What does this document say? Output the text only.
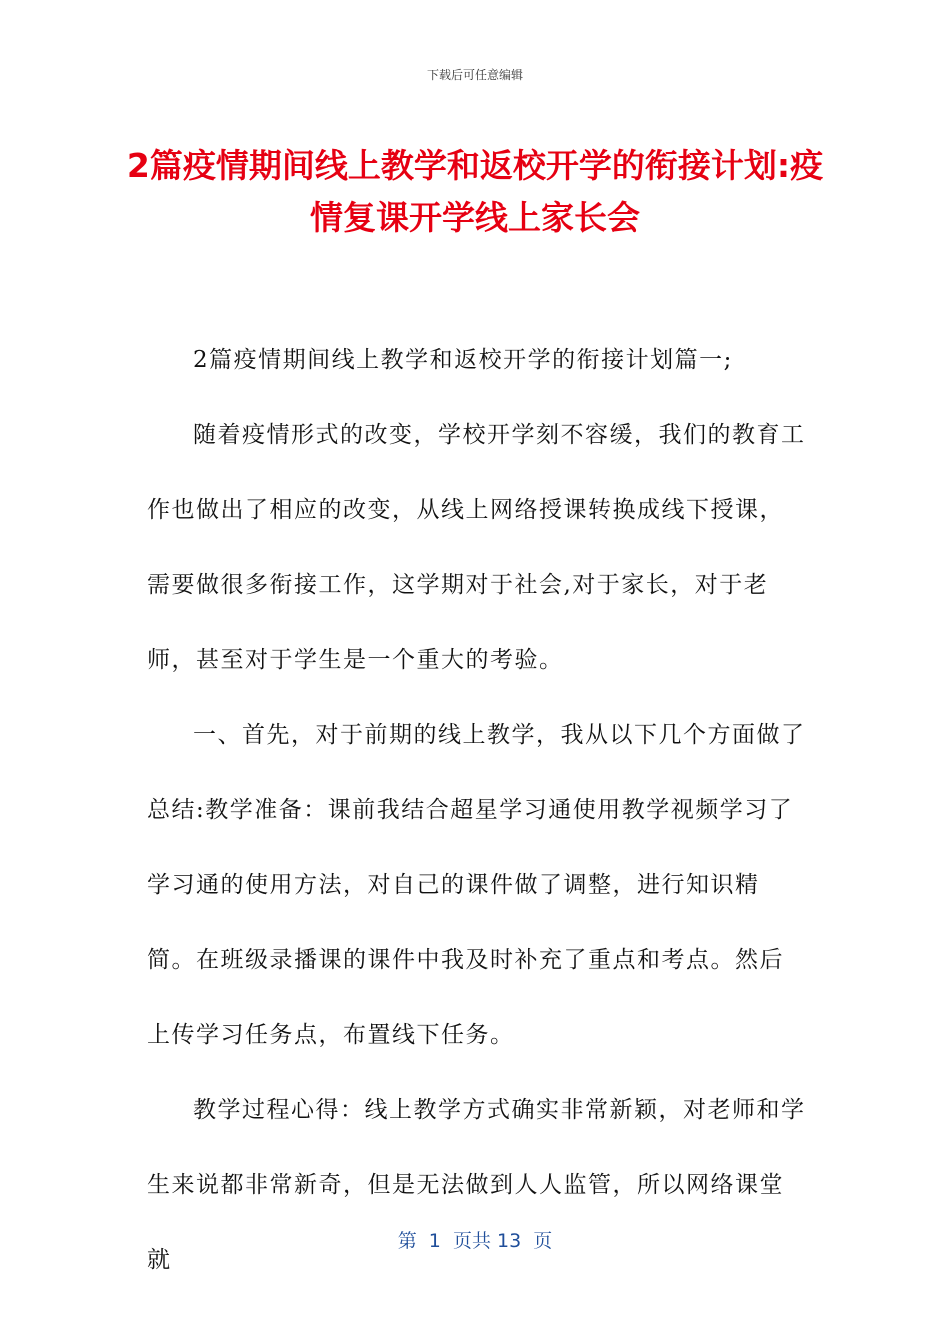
下载后可任意编辑
2篇疫情期间线上教学和返校开学的衔接计划:疫情复课开学线上家长会

2篇疫情期间线上教学和返校开学的衔接计划篇一;

随着疫情形式的改变，学校开学刻不容缓，我们的教育工作也做出了相应的改变，从线上网络授课转换成线下授课，需要做很多衔接工作，这学期对于社会,对于家长，对于老师，甚至对于学生是一个重大的考验。

一、首先，对于前期的线上教学，我从以下几个方面做了总结:教学准备：课前我结合超星学习通使用教学视频学习了学习通的使用方法，对自己的课件做了调整，进行知识精简。在班级录播课的课件中我及时补充了重点和考点。然后上传学习任务点，布置线下任务。

教学过程心得：线上教学方式确实非常新颖，对老师和学生来说都非常新奇，但是无法做到人人监管，所以网络课堂就

第  1  页共 13  页
